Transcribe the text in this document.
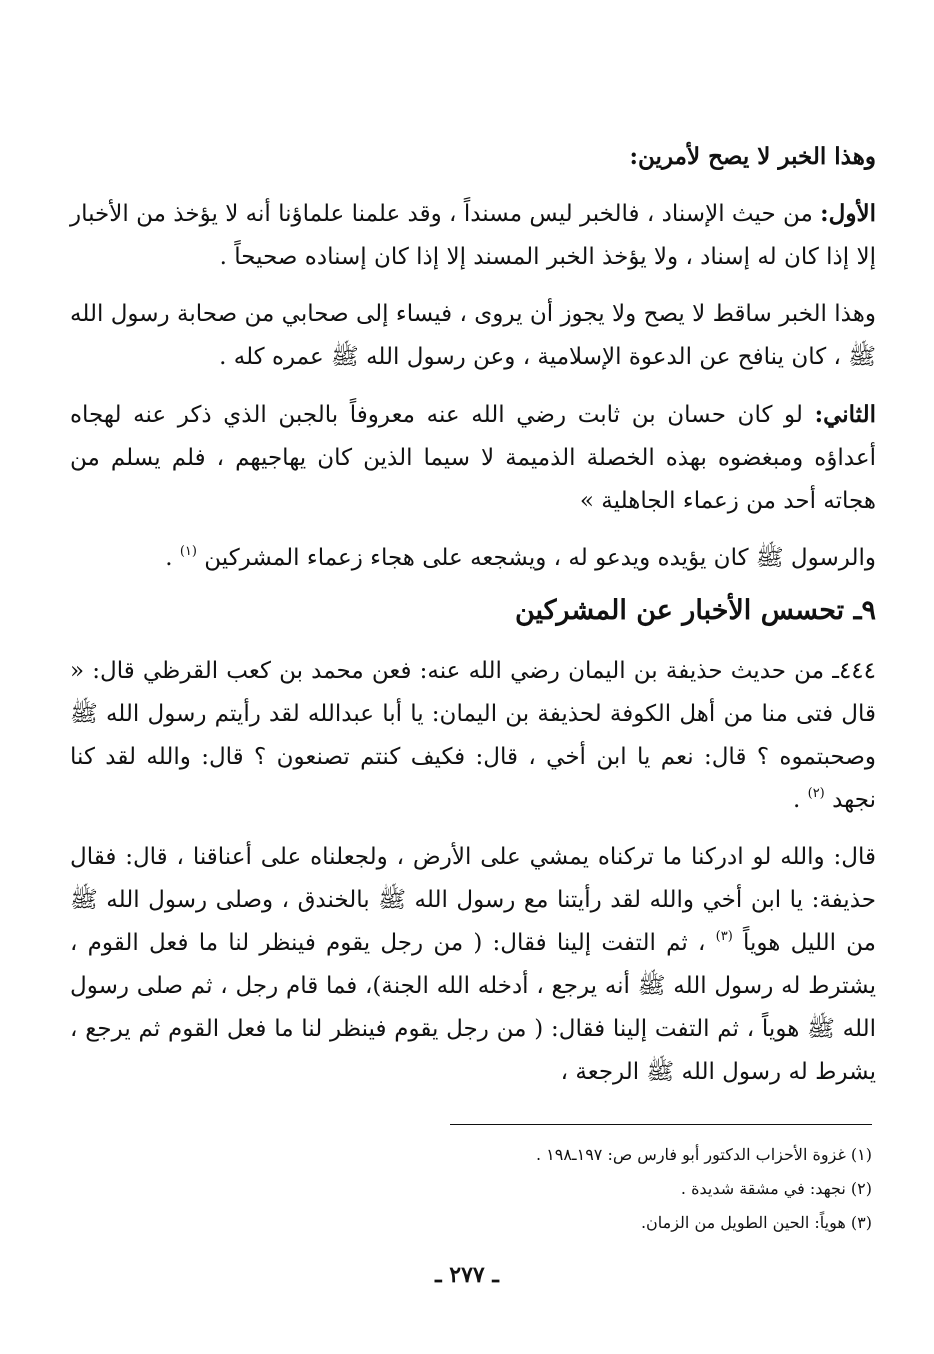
وهذا الخبر لا يصح لأمرين:

الأول: من حيث الإسناد ، فالخبر ليس مسنداً ، وقد علمنا علماؤنا أنه لا يؤخذ من الأخبار إلا إذا كان له إسناد ، ولا يؤخذ الخبر المسند إلا إذا كان إسناده صحيحاً .

وهذا الخبر ساقط لا يصح ولا يجوز أن يروى ، فيساء إلى صحابي من صحابة رسول الله ﷺ ، كان ينافح عن الدعوة الإسلامية ، وعن رسول الله ﷺ عمره كله .

الثاني: لو كان حسان بن ثابت رضي الله عنه معروفاً بالجبن الذي ذكر عنه لهجاه أعداؤه ومبغضوه بهذه الخصلة الذميمة لا سيما الذين كان يهاجيهم ، فلم يسلم من هجاته أحد من زعماء الجاهلية »

والرسول ﷺ كان يؤيده ويدعو له ، ويشجعه على هجاء زعماء المشركين $^{(١)}$ .

٩ـ تحسس الأخبار عن المشركين

٤٤٤ـ من حديث حذيفة بن اليمان رضي الله عنه: فعن محمد بن كعب القرظي قال: « قال فتى منا من أهل الكوفة لحذيفة بن اليمان: يا أبا عبدالله لقد رأيتم رسول الله ﷺ وصحبتموه ؟ قال: نعم يا ابن أخي ، قال: فكيف كنتم تصنعون ؟ قال: والله لقد كنا نجهد $^{(٢)}$ .

قال: والله لو ادركنا ما تركناه يمشي على الأرض ، ولجعلناه على أعناقنا ، قال: فقال حذيفة: يا ابن أخي والله لقد رأيتنا مع رسول الله ﷺ بالخندق ، وصلى رسول الله ﷺ من الليل هوياً $^{(٣)}$ ، ثم التفت إلينا فقال: ( من رجل يقوم فينظر لنا ما فعل القوم ، يشترط له رسول الله ﷺ أنه يرجع ، أدخله الله الجنة)، فما قام رجل ، ثم صلى رسول الله ﷺ هوياً ، ثم التفت إلينا فقال: ( من رجل يقوم فينظر لنا ما فعل القوم ثم يرجع ، يشرط له رسول الله ﷺ الرجعة ،

(١) غزوة الأحزاب الدكتور أبو فارس ص: ١٩٧ـ١٩٨ .

(٢) نجهد: في مشقة شديدة .

(٣) هوياً: الحين الطويل من الزمان.

ـ ٢٧٧ ـ
